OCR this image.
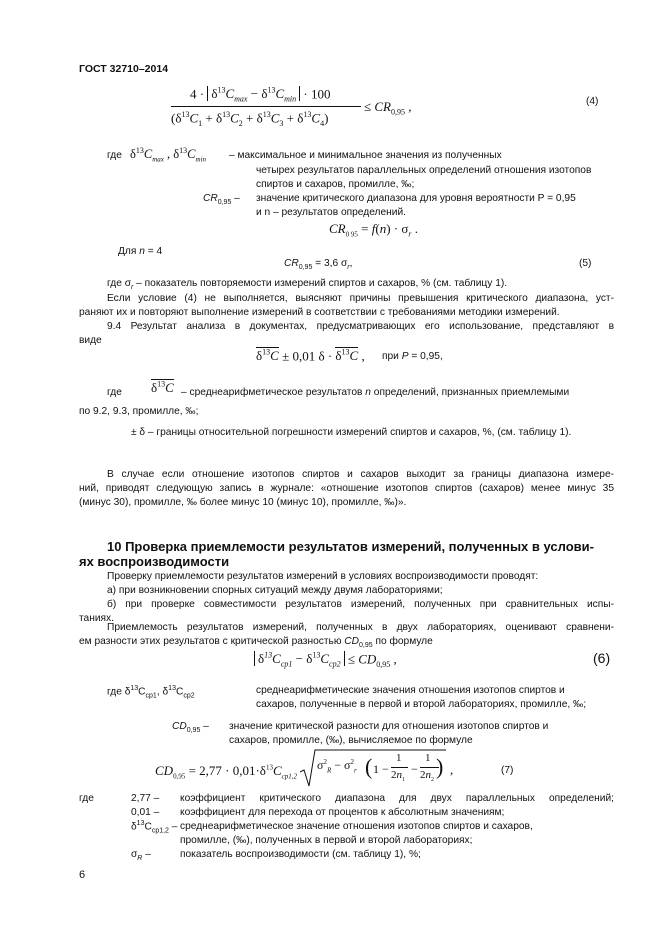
ГОСТ 32710–2014
$4 \cdot \delta^{13}C_{max} - \delta^{13}C_{min} \cdot 100$
$(\delta^{13}C_1 + \delta^{13}C_2 + \delta^{13}C_3 + \delta^{13}C_4)$
≤ $CR_{0,95}$ ,	(4)
где $\delta^{13}C_{max}$ , $\delta^{13}C_{min}$ – максимальное и минимальное значения из полученных
четырех результатов параллельных определений отношения изотопов
спиртов и сахаров, промилле, ‰;
$CR_{0,95}$ – значение критического диапазона для уровня вероятности P = 0,95
и n – результатов определений.
$CR_{0 95} = f(n) \cdot \sigma_r$ .
Для n = 4
$CR_{0,95} = 3,6$ $\sigma_r$,	(5)
где $\sigma_r$ – показатель повторяемости измерений спиртов и сахаров, % (см. таблицу 1).
Если условие (4) не выполняется, выясняют причины превышения критического диапазона, уст-
раняют их и повторяют выполнение измерений в соответствии с требованиями методики измерений.
9.4 Результат анализа в документах, предусматривающих его использование, представляют в
виде
$\delta^{13}C \pm 0,01$ $\delta \cdot \delta^{13}C$ , при P = 0,95,
где $\delta^{13}C$ – среднеарифметическое результатов n определений, признанных приемлемыми
по 9.2, 9.3, промилле, ‰;
± δ – границы относительной погрешности измерений спиртов и сахаров, %, (см. таблицу 1).
В случае если отношение изотопов спиртов и сахаров выходит за границы диапазона измере-
ний, приводят следующую запись в журнале: «отношение изотопов спиртов (сахаров) менее минус 35
(минус 30), промилле, ‰ более минус 10 (минус 10), промилле, ‰)».
10 Проверка приемлемости результатов измерений, полученных в услови-
ях воспроизводимости
Проверку приемлемости результатов измерений в условиях воспроизводимости проводят:
а) при возникновении спорных ситуаций между двумя лабораториями;
б) при проверке совместимости результатов измерений, полученных при сравнительных испы-
таниях.
Приемлемость результатов измерений, полученных в двух лабораториях, оценивают сравнени-
ем разности этих результатов с критической разностью $CD_{0,95}$ по формуле
$\delta^{13}C_{ср1} - \delta^{13}C_{ср2} \le CD_{0,95}$ ,	(6)
где $\delta^{13}C_{ср1}$, $\delta^{13}C_{ср2}$	среднеарифметические значения отношения изотопов спиртов и
сахаров, полученные в первой и второй лабораториях, промилле, ‰;
$CD_{0,95}$ – значение критической разности для отношения изотопов спиртов и
сахаров, промилле, (‰), вычисляемое по формуле
$CD_{0,95} = 2,77 \cdot 0,01\cdot\delta^{13}C_{ср1,2}$
$\sigma^2_R - \sigma^2_r$ ( 1 −
1
$2n_1$
−
1
$2n_2$
) ,	(7)
где	2,77 – коэффициент критического диапазона для двух параллельных определений;
0,01 – коэффициент для перехода от процентов к абсолютным значениям;
$\delta^{13}C_{ср1,2}$ – среднеарифметическое значение отношения изотопов спиртов и сахаров,
промилле, (‰), полученных в первой и второй лабораториях;
$\sigma_R$ –	показатель воспроизводимости (см. таблицу 1), %;
6
